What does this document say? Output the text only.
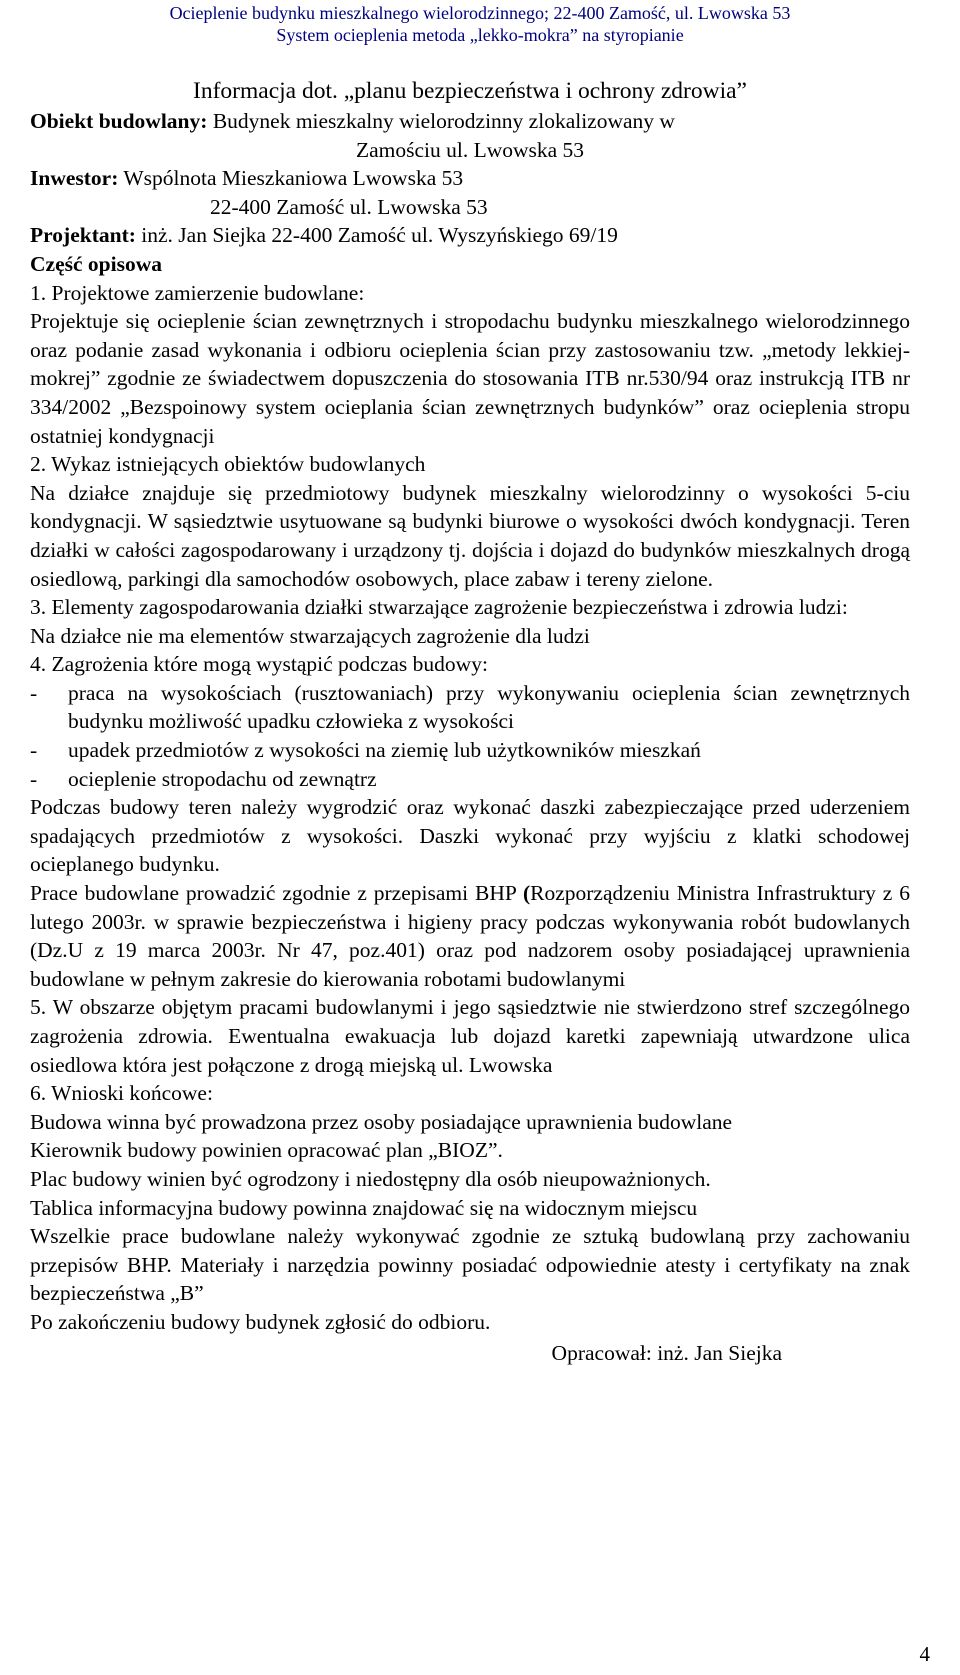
Ocieplenie budynku mieszkalnego wielorodzinnego; 22-400 Zamość, ul. Lwowska 53
System ocieplenia metoda „lekko-mokra” na styropianie

Informacja dot. „planu bezpieczeństwa i ochrony zdrowia”

Obiekt budowlany: Budynek mieszkalny wielorodzinny zlokalizowany w

Zamościu ul. Lwowska 53

Inwestor: Wspólnota Mieszkaniowa Lwowska 53

22-400 Zamość ul. Lwowska 53

Projektant: inż. Jan Siejka 22-400 Zamość ul. Wyszyńskiego 69/19

Część opisowa

1. Projektowe zamierzenie budowlane:

Projektuje się ocieplenie ścian zewnętrznych i stropodachu budynku mieszkalnego wielorodzinnego oraz podanie zasad wykonania i odbioru ocieplenia ścian przy zastosowaniu tzw. „metody lekkiej-mokrej” zgodnie ze świadectwem dopuszczenia do stosowania ITB nr.530/94 oraz instrukcją ITB nr 334/2002 „Bezspoinowy system ocieplania ścian zewnętrznych budynków” oraz ocieplenia stropu ostatniej kondygnacji

2. Wykaz istniejących obiektów budowlanych

Na działce znajduje się przedmiotowy budynek mieszkalny wielorodzinny o wysokości 5-ciu kondygnacji. W sąsiedztwie usytuowane są budynki biurowe o wysokości dwóch kondygnacji. Teren działki w całości zagospodarowany i urządzony tj. dojścia i dojazd do budynków mieszkalnych drogą osiedlową, parkingi dla samochodów osobowych, place zabaw i tereny zielone.

3. Elementy zagospodarowania działki stwarzające zagrożenie bezpieczeństwa i zdrowia ludzi:

Na działce nie ma elementów stwarzających zagrożenie dla ludzi

4. Zagrożenia które mogą wystąpić podczas budowy:

-	praca na wysokościach (rusztowaniach) przy wykonywaniu ocieplenia ścian zewnętrznych budynku możliwość upadku człowieka z wysokości
-	upadek przedmiotów z wysokości na ziemię lub użytkowników mieszkań
-	ocieplenie stropodachu od zewnątrz

Podczas budowy teren należy wygrodzić oraz wykonać daszki zabezpieczające przed uderzeniem spadających przedmiotów z wysokości. Daszki wykonać przy wyjściu z klatki schodowej ocieplanego budynku.

Prace budowlane prowadzić zgodnie z przepisami BHP (Rozporządzeniu Ministra Infrastruktury z 6 lutego 2003r. w sprawie bezpieczeństwa i higieny pracy podczas wykonywania robót budowlanych (Dz.U z 19 marca 2003r. Nr 47, poz.401) oraz pod nadzorem osoby posiadającej uprawnienia budowlane w pełnym zakresie do kierowania robotami budowlanymi

5. W obszarze objętym pracami budowlanymi i jego sąsiedztwie nie stwierdzono stref szczególnego zagrożenia zdrowia. Ewentualna ewakuacja lub dojazd karetki zapewniają utwardzone ulica osiedlowa która jest połączone z drogą miejską ul. Lwowska

6. Wnioski końcowe:

Budowa winna być prowadzona przez osoby posiadające uprawnienia budowlane

Kierownik budowy powinien opracować plan „BIOZ”.

Plac budowy winien być ogrodzony i niedostępny dla osób nieupoważnionych.

Tablica informacyjna budowy powinna znajdować się na widocznym miejscu

Wszelkie prace budowlane należy wykonywać zgodnie ze sztuką budowlaną przy zachowaniu przepisów BHP. Materiały i narzędzia powinny posiadać odpowiednie atesty i certyfikaty na znak bezpieczeństwa „B”

Po zakończeniu budowy budynek zgłosić do odbioru.

Opracował: inż. Jan Siejka

4
